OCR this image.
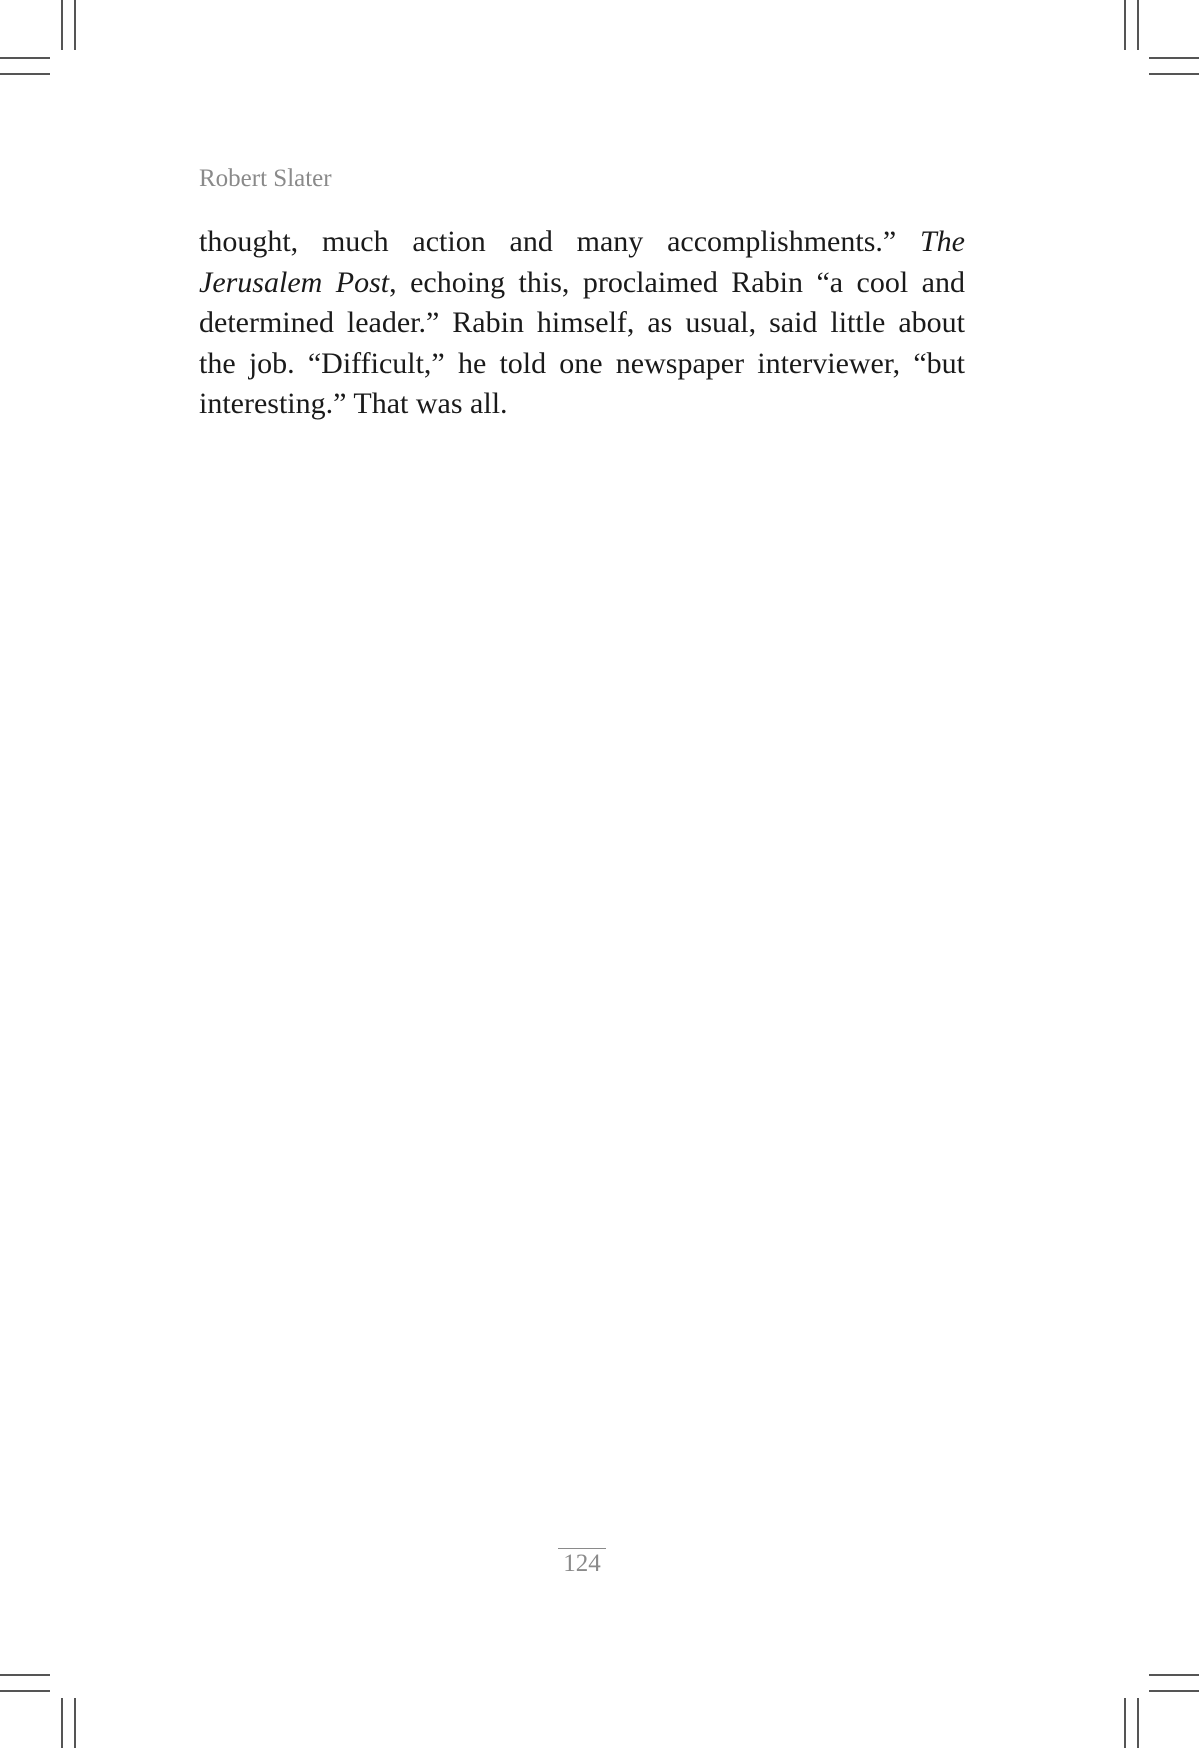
Robert Slater

thought, much action and many accomplishments.” The Jerusalem Post, echoing this, proclaimed Rabin “a cool and determined leader.” Rabin himself, as usual, said little about the job. “Difficult,” he told one newspaper interviewer, “but interesting.” That was all.

124
